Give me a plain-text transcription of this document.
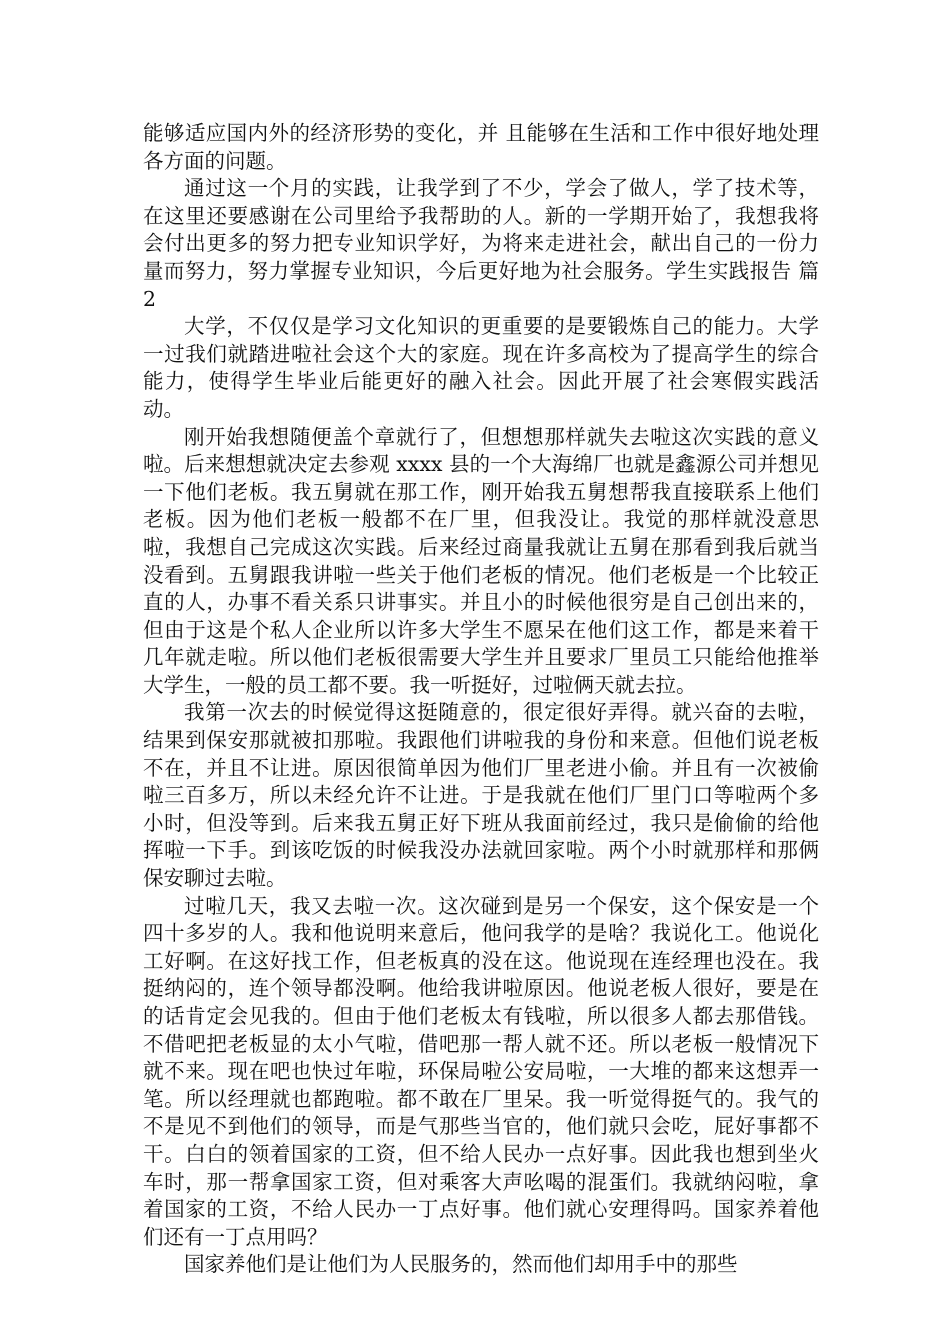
能够适应国内外的经济形势的变化，并 且能够在生活和工作中很好地处理各方面的问题。

通过这一个月的实践，让我学到了不少，学会了做人，学了技术等，在这里还要感谢在公司里给予我帮助的人。新的一学期开始了，我想我将会付出更多的努力把专业知识学好，为将来走进社会，献出自己的一份力量而努力，努力掌握专业知识，今后更好地为社会服务。学生实践报告 篇 2

大学，不仅仅是学习文化知识的更重要的是要锻炼自己的能力。大学一过我们就踏进啦社会这个大的家庭。现在许多高校为了提高学生的综合能力，使得学生毕业后能更好的融入社会。因此开展了社会寒假实践活动。

刚开始我想随便盖个章就行了，但想想那样就失去啦这次实践的意义啦。后来想想就决定去参观 xxxx 县的一个大海绵厂也就是鑫源公司并想见一下他们老板。我五舅就在那工作，刚开始我五舅想帮我直接联系上他们老板。因为他们老板一般都不在厂里，但我没让。我觉的那样就没意思啦，我想自己完成这次实践。后来经过商量我就让五舅在那看到我后就当没看到。五舅跟我讲啦一些关于他们老板的情况。他们老板是一个比较正直的人，办事不看关系只讲事实。并且小的时候他很穷是自己创出来的，但由于这是个私人企业所以许多大学生不愿呆在他们这工作，都是来着干几年就走啦。所以他们老板很需要大学生并且要求厂里员工只能给他推举大学生，一般的员工都不要。我一听挺好，过啦俩天就去拉。

我第一次去的时候觉得这挺随意的，很定很好弄得。就兴奋的去啦，结果到保安那就被扣那啦。我跟他们讲啦我的身份和来意。但他们说老板不在，并且不让进。原因很简单因为他们厂里老进小偷。并且有一次被偷啦三百多万，所以未经允许不让进。于是我就在他们厂里门口等啦两个多小时，但没等到。后来我五舅正好下班从我面前经过，我只是偷偷的给他挥啦一下手。到该吃饭的时候我没办法就回家啦。两个小时就那样和那俩保安聊过去啦。

过啦几天，我又去啦一次。这次碰到是另一个保安，这个保安是一个四十多岁的人。我和他说明来意后，他问我学的是啥？我说化工。他说化工好啊。在这好找工作，但老板真的没在这。他说现在连经理也没在。我挺纳闷的，连个领导都没啊。他给我讲啦原因。他说老板人很好，要是在的话肯定会见我的。但由于他们老板太有钱啦，所以很多人都去那借钱。不借吧把老板显的太小气啦，借吧那一帮人就不还。所以老板一般情况下就不来。现在吧也快过年啦，环保局啦公安局啦，一大堆的都来这想弄一笔。所以经理就也都跑啦。都不敢在厂里呆。我一听觉得挺气的。我气的不是见不到他们的领导，而是气那些当官的，他们就只会吃，屁好事都不干。白白的领着国家的工资，但不给人民办一点好事。因此我也想到坐火车时，那一帮拿国家工资，但对乘客大声吆喝的混蛋们。我就纳闷啦，拿着国家的工资，不给人民办一丁点好事。他们就心安理得吗。国家养着他们还有一丁点用吗？

国家养他们是让他们为人民服务的，然而他们却用手中的那些
